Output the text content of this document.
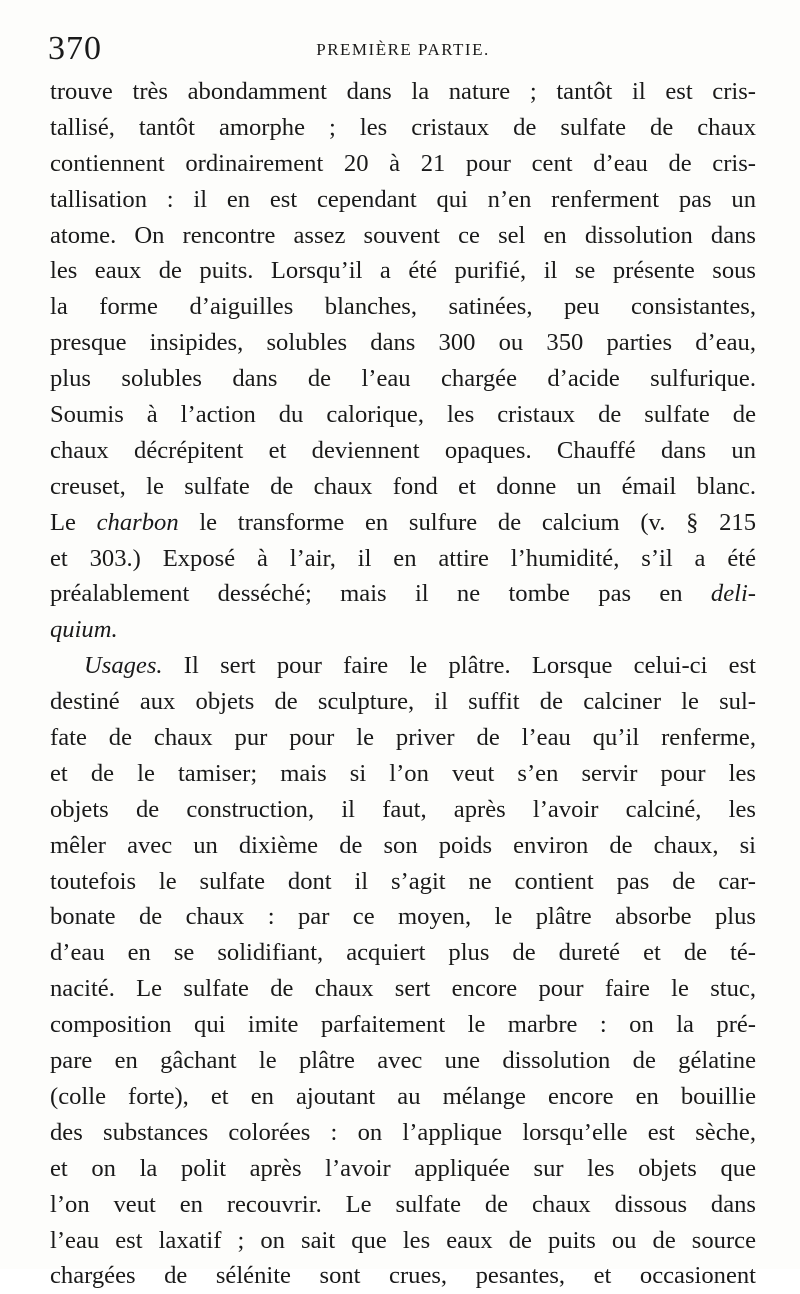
370	PREMIÈRE PARTIE.
trouve très abondamment dans la nature ; tantôt il est cris-
tallisé, tantôt amorphe ; les cristaux de sulfate de chaux
contiennent ordinairement 20 à 21 pour cent d’eau de cris-
tallisation : il en est cependant qui n’en renferment pas un
atome. On rencontre assez souvent ce sel en dissolution dans
les eaux de puits. Lorsqu’il a été purifié, il se présente sous
la forme d’aiguilles blanches, satinées, peu consistantes,
presque insipides, solubles dans 300 ou 350 parties d’eau,
plus solubles dans de l’eau chargée d’acide sulfurique.
Soumis à l’action du calorique, les cristaux de sulfate de
chaux décrépitent et deviennent opaques. Chauffé dans un
creuset, le sulfate de chaux fond et donne un émail blanc.
Le charbon le transforme en sulfure de calcium (v. § 215
et 303.) Exposé à l’air, il en attire l’humidité, s’il a été
préalablement desséché; mais il ne tombe pas en deli-
quium.
Usages. Il sert pour faire le plâtre. Lorsque celui-ci est
destiné aux objets de sculpture, il suffit de calciner le sul-
fate de chaux pur pour le priver de l’eau qu’il renferme,
et de le tamiser; mais si l’on veut s’en servir pour les
objets de construction, il faut, après l’avoir calciné, les
mêler avec un dixième de son poids environ de chaux, si
toutefois le sulfate dont il s’agit ne contient pas de car-
bonate de chaux : par ce moyen, le plâtre absorbe plus
d’eau en se solidifiant, acquiert plus de dureté et de té-
nacité. Le sulfate de chaux sert encore pour faire le stuc,
composition qui imite parfaitement le marbre : on la pré-
pare en gâchant le plâtre avec une dissolution de gélatine
(colle forte), et en ajoutant au mélange encore en bouillie
des substances colorées : on l’applique lorsqu’elle est sèche,
et on la polit après l’avoir appliquée sur les objets que
l’on veut en recouvrir. Le sulfate de chaux dissous dans
l’eau est laxatif ; on sait que les eaux de puits ou de source
chargées de sélénite sont crues, pesantes, et occasionent
